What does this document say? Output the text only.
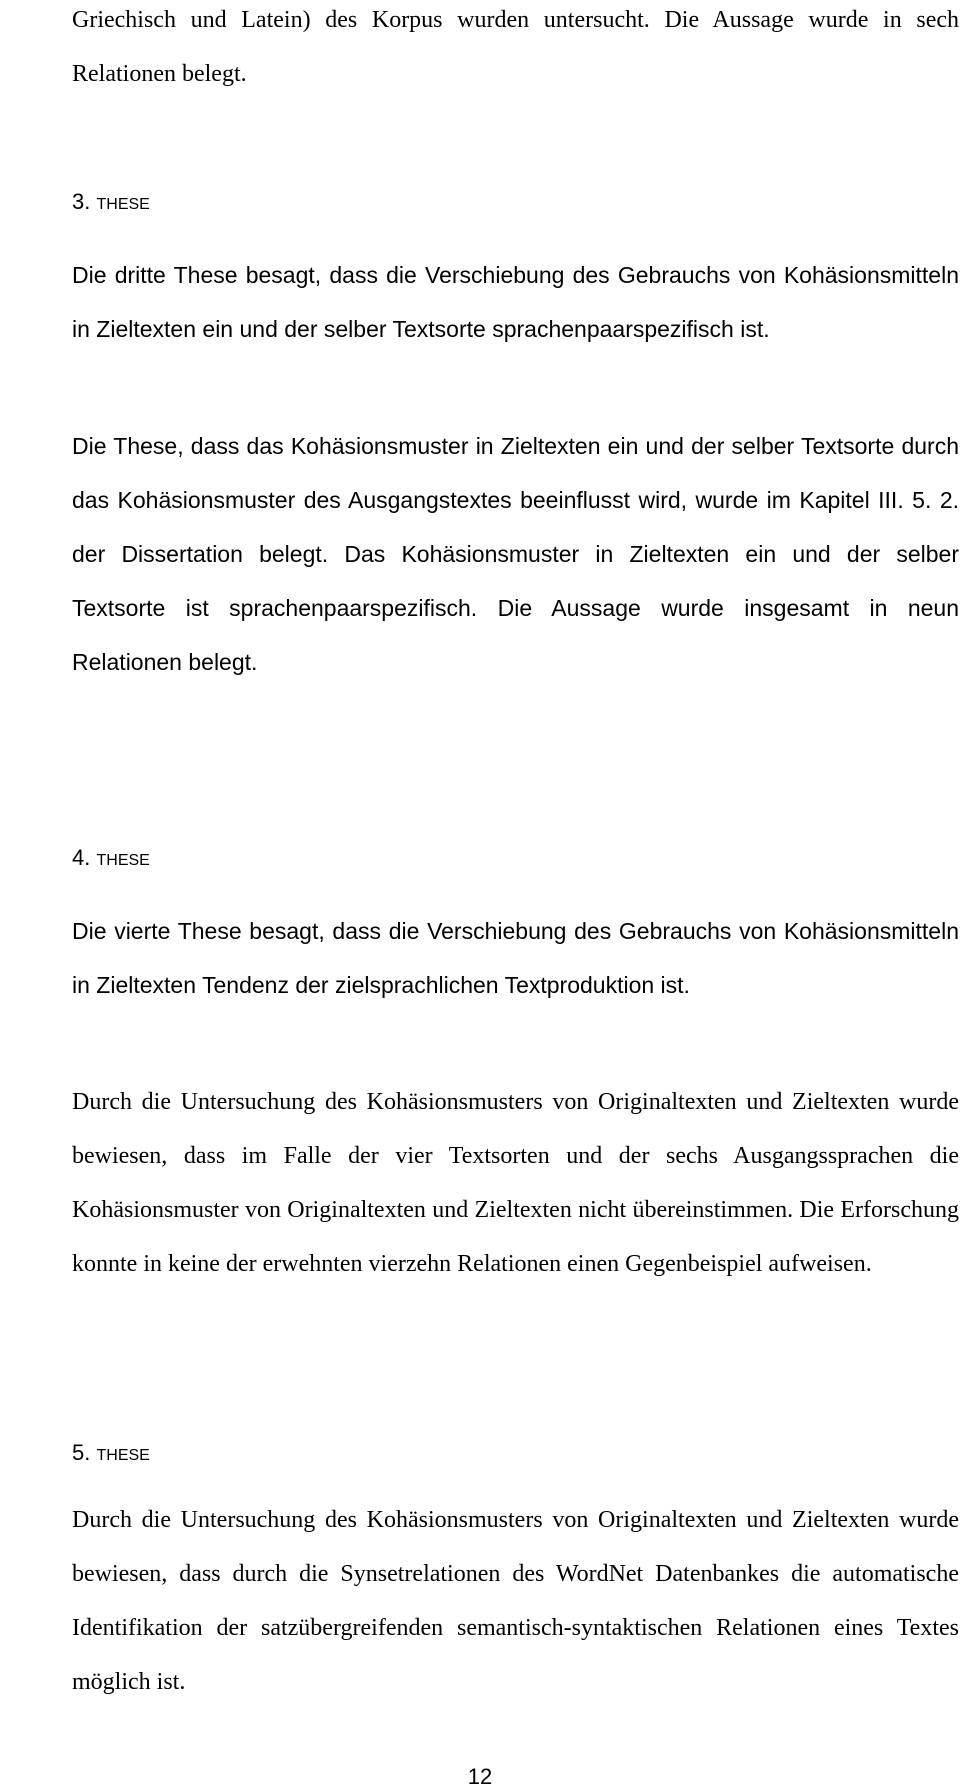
Griechisch und Latein) des Korpus wurden untersucht. Die Aussage wurde in sech Relationen belegt.

3. THESE

Die dritte These besagt, dass die Verschiebung des Gebrauchs von Kohäsionsmitteln in Zieltexten ein und der selber Textsorte sprachenpaarspezifisch ist.

Die These, dass das Kohäsionsmuster in Zieltexten ein und der selber Textsorte durch das Kohäsionsmuster des Ausgangstextes beeinflusst wird, wurde im Kapitel III. 5. 2. der Dissertation belegt. Das Kohäsionsmuster in Zieltexten ein und der selber Textsorte ist sprachenpaarspezifisch. Die Aussage wurde insgesamt in neun Relationen belegt.

4. THESE

Die vierte These besagt, dass die Verschiebung des Gebrauchs von Kohäsionsmitteln in Zieltexten Tendenz der zielsprachlichen Textproduktion ist.

Durch die Untersuchung des Kohäsionsmusters von Originaltexten und Zieltexten wurde bewiesen, dass im Falle der vier Textsorten und der sechs Ausgangssprachen die Kohäsionsmuster von Originaltexten und Zieltexten nicht übereinstimmen. Die Erforschung konnte in keine der erwehnten vierzehn Relationen einen Gegenbeispiel aufweisen.

5. THESE

Durch die Untersuchung des Kohäsionsmusters von Originaltexten und Zieltexten wurde bewiesen, dass durch die Synsetrelationen des WordNet Datenbankes die automatische Identifikation der satzübergreifenden semantisch-syntaktischen Relationen eines Textes möglich ist.

12
